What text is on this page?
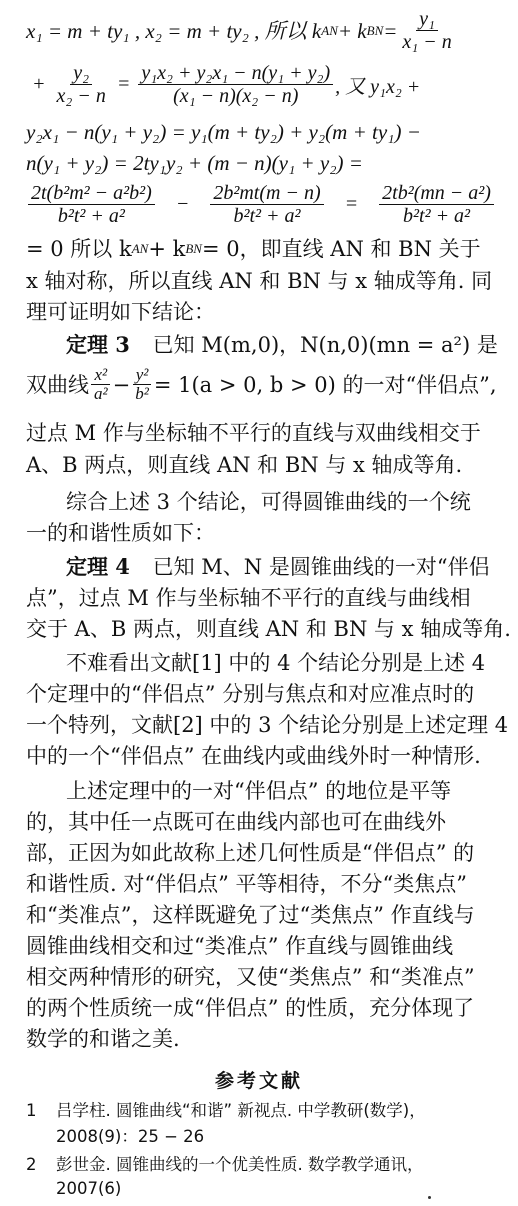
x₁ = m + ty₁ , x₂ = m + ty₂ , 所以 k AN + k BN = $\frac{\text{y₁}}{\text{x₁ − n}}$
+ $\frac{\text{y₂}}{\text{x₂ − n}} = \frac{\text{y₁x₂ + y₂x₁ − n(y₁ + y₂)}}{\text{(x₁ − n)(x₂ − n)}}$ , 又 y₁x₂ +
y₂x₁ − n(y₁ + y₂) = y₁(m + ty₂) + y₂(m + ty₁) −
n(y₁ + y₂) = 2ty₁y₂ + (m − n)(y₁ + y₂) =
$\frac{\text{2t(b²m² − a²b²)}}{\text{b²t² + a²}} - \frac{\text{2b²mt(m − n)}}{\text{b²t² + a²}} = \frac{\text{2tb²(mn − a²)}}{\text{b²t² + a²}}$
= 0 所以 k AN + k BN = 0，即直线 AN 和 BN 关于
x 轴对称，所以直线 AN 和 BN 与 x 轴成等角. 同
理可证明如下结论：
定理 3 已知 M(m,0)，N(n,0)(mn = a²) 是
双曲线 $\frac{\text{x²}}{\text{a²}} - \frac{\text{y²}}{\text{b²}} = 1(a > 0$, b > 0) 的一对“伴侣点”,
过点 M 作与坐标轴不平行的直线与双曲线相交于
A、B 两点，则直线 AN 和 BN 与 x 轴成等角.
综合上述 3 个结论，可得圆锥曲线的一个统
一的和谐性质如下：
定理 4 已知 M、N 是圆锥曲线的一对“伴侣
点”，过点 M 作与坐标轴不平行的直线与曲线相
交于 A、B 两点，则直线 AN 和 BN 与 x 轴成等角.
不难看出文献[1] 中的 4 个结论分别是上述 4
个定理中的“伴侣点” 分别与焦点和对应准点时的
一个特列，文献[2] 中的 3 个结论分别是上述定理 4
中的一个“伴侣点” 在曲线内或曲线外时一种情形.
上述定理中的一对“伴侣点” 的地位是平等
的，其中任一点既可在曲线内部也可在曲线外
部，正因为如此故称上述几何性质是“伴侣点” 的
和谐性质. 对“伴侣点” 平等相待，不分“类焦点”
和“类准点”，这样既避免了过“类焦点” 作直线与
圆锥曲线相交和过“类准点” 作直线与圆锥曲线
相交两种情形的研究，又使“类焦点” 和“类准点”
的两个性质统一成“伴侣点” 的性质，充分体现了
数学的和谐之美.
参考文献
1 吕学柱. 圆锥曲线“和谐” 新视点. 中学教研(数学)，
2008(9)：25 − 26
2 彭世金. 圆锥曲线的一个优美性质. 数学教学通讯，
2007(6)
